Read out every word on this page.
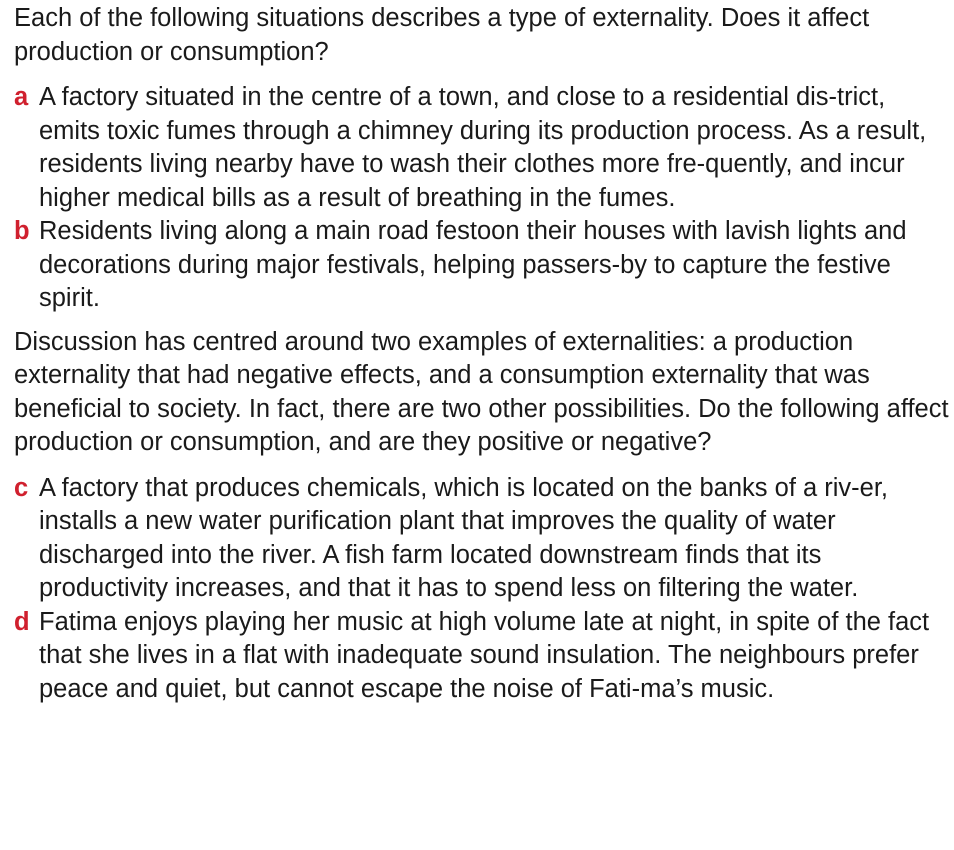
Each of the following situations describes a type of externality. Does it affect production or consumption?

a A factory situated in the centre of a town, and close to a residential dis-trict, emits toxic fumes through a chimney during its production process. As a result, residents living nearby have to wash their clothes more fre-quently, and incur higher medical bills as a result of breathing in the fumes.

b Residents living along a main road festoon their houses with lavish lights and decorations during major festivals, helping passers-by to capture the festive spirit.

Discussion has centred around two examples of externalities: a production externality that had negative effects, and a consumption externality that was beneficial to society. In fact, there are two other possibilities. Do the following affect production or consumption, and are they positive or negative?

c A factory that produces chemicals, which is located on the banks of a riv-er, installs a new water purification plant that improves the quality of water discharged into the river. A fish farm located downstream finds that its productivity increases, and that it has to spend less on filtering the water.

d Fatima enjoys playing her music at high volume late at night, in spite of the fact that she lives in a flat with inadequate sound insulation. The neighbours prefer peace and quiet, but cannot escape the noise of Fati-ma’s music.
